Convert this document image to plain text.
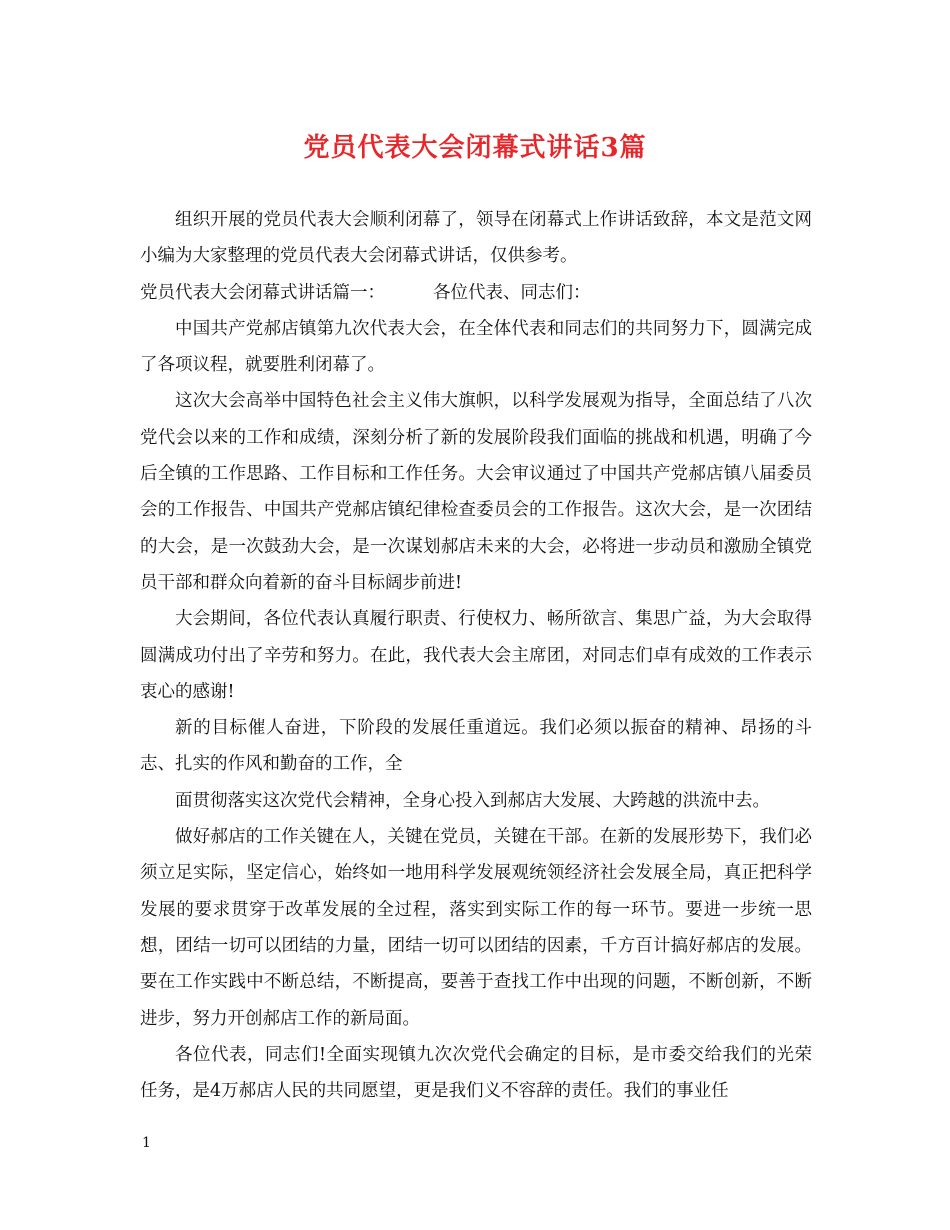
党员代表大会闭幕式讲话3篇

组织开展的党员代表大会顺利闭幕了，领导在闭幕式上作讲话致辞，本文是范文网小编为大家整理的党员代表大会闭幕式讲话，仅供参考。

党员代表大会闭幕式讲话篇一：	各位代表、同志们：

中国共产党郝店镇第九次代表大会，在全体代表和同志们的共同努力下，圆满完成了各项议程，就要胜利闭幕了。

这次大会高举中国特色社会主义伟大旗帜，以科学发展观为指导，全面总结了八次党代会以来的工作和成绩，深刻分析了新的发展阶段我们面临的挑战和机遇，明确了今后全镇的工作思路、工作目标和工作任务。大会审议通过了中国共产党郝店镇八届委员会的工作报告、中国共产党郝店镇纪律检查委员会的工作报告。这次大会，是一次团结的大会，是一次鼓劲大会，是一次谋划郝店未来的大会，必将进一步动员和激励全镇党员干部和群众向着新的奋斗目标阔步前进!

大会期间，各位代表认真履行职责、行使权力、畅所欲言、集思广益，为大会取得圆满成功付出了辛劳和努力。在此，我代表大会主席团，对同志们卓有成效的工作表示衷心的感谢!

新的目标催人奋进，下阶段的发展任重道远。我们必须以振奋的精神、昂扬的斗志、扎实的作风和勤奋的工作，全

面贯彻落实这次党代会精神，全身心投入到郝店大发展、大跨越的洪流中去。

做好郝店的工作关键在人，关键在党员，关键在干部。在新的发展形势下，我们必须立足实际，坚定信心，始终如一地用科学发展观统领经济社会发展全局，真正把科学发展的要求贯穿于改革发展的全过程，落实到实际工作的每一环节。要进一步统一思想，团结一切可以团结的力量，团结一切可以团结的因素，千方百计搞好郝店的发展。要在工作实践中不断总结，不断提高，要善于查找工作中出现的问题，不断创新，不断进步，努力开创郝店工作的新局面。

各位代表，同志们!全面实现镇九次次党代会确定的目标，是市委交给我们的光荣任务，是4万郝店人民的共同愿望，更是我们义不容辞的责任。我们的事业任

1
